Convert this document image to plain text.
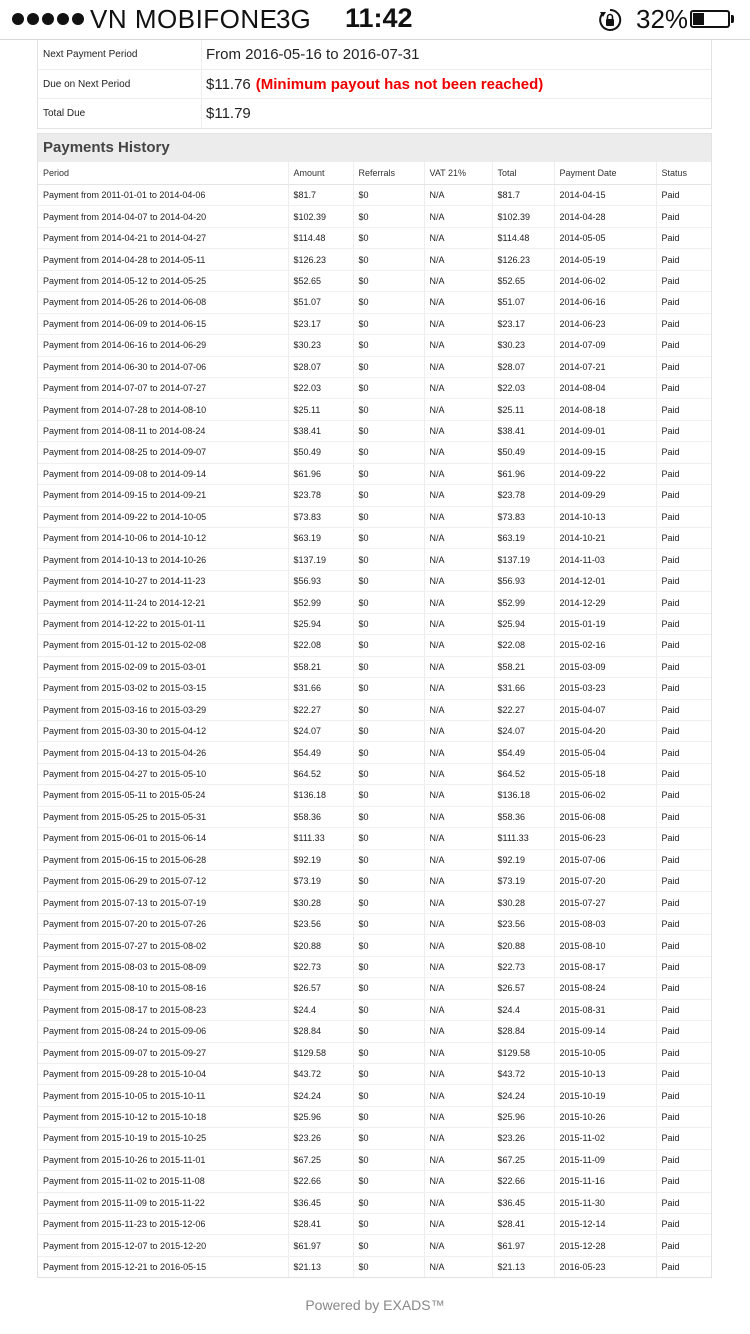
VN MOBIFONE
3G 11:42	32%
Next Payment Period	From 2016-05-16 to 2016-07-31
Due on Next Period	$11.76 (Minimum payout has not been reached)
Total Due	$11.79
Payments History
Period	Amount	Referrals	VAT 21%	Total	Payment Date	Status
Payment from 2011-01-01 to 2014-04-06	$81.7	$0	N/A	$81.7	2014-04-15	Paid
Payment from 2014-04-07 to 2014-04-20	$102.39	$0	N/A	$102.39	2014-04-28	Paid
Payment from 2014-04-21 to 2014-04-27	$114.48	$0	N/A	$114.48	2014-05-05	Paid
Payment from 2014-04-28 to 2014-05-11	$126.23	$0	N/A	$126.23	2014-05-19	Paid
Payment from 2014-05-12 to 2014-05-25	$52.65	$0	N/A	$52.65	2014-06-02	Paid
Payment from 2014-05-26 to 2014-06-08	$51.07	$0	N/A	$51.07	2014-06-16	Paid
Payment from 2014-06-09 to 2014-06-15	$23.17	$0	N/A	$23.17	2014-06-23	Paid
Payment from 2014-06-16 to 2014-06-29	$30.23	$0	N/A	$30.23	2014-07-09	Paid
Payment from 2014-06-30 to 2014-07-06	$28.07	$0	N/A	$28.07	2014-07-21	Paid
Payment from 2014-07-07 to 2014-07-27	$22.03	$0	N/A	$22.03	2014-08-04	Paid
Payment from 2014-07-28 to 2014-08-10	$25.11	$0	N/A	$25.11	2014-08-18	Paid
Payment from 2014-08-11 to 2014-08-24	$38.41	$0	N/A	$38.41	2014-09-01	Paid
Payment from 2014-08-25 to 2014-09-07	$50.49	$0	N/A	$50.49	2014-09-15	Paid
Payment from 2014-09-08 to 2014-09-14	$61.96	$0	N/A	$61.96	2014-09-22	Paid
Payment from 2014-09-15 to 2014-09-21	$23.78	$0	N/A	$23.78	2014-09-29	Paid
Payment from 2014-09-22 to 2014-10-05	$73.83	$0	N/A	$73.83	2014-10-13	Paid
Payment from 2014-10-06 to 2014-10-12	$63.19	$0	N/A	$63.19	2014-10-21	Paid
Payment from 2014-10-13 to 2014-10-26	$137.19	$0	N/A	$137.19	2014-11-03	Paid
Payment from 2014-10-27 to 2014-11-23	$56.93	$0	N/A	$56.93	2014-12-01	Paid
Payment from 2014-11-24 to 2014-12-21	$52.99	$0	N/A	$52.99	2014-12-29	Paid
Payment from 2014-12-22 to 2015-01-11	$25.94	$0	N/A	$25.94	2015-01-19	Paid
Payment from 2015-01-12 to 2015-02-08	$22.08	$0	N/A	$22.08	2015-02-16	Paid
Payment from 2015-02-09 to 2015-03-01	$58.21	$0	N/A	$58.21	2015-03-09	Paid
Payment from 2015-03-02 to 2015-03-15	$31.66	$0	N/A	$31.66	2015-03-23	Paid
Payment from 2015-03-16 to 2015-03-29	$22.27	$0	N/A	$22.27	2015-04-07	Paid
Payment from 2015-03-30 to 2015-04-12	$24.07	$0	N/A	$24.07	2015-04-20	Paid
Payment from 2015-04-13 to 2015-04-26	$54.49	$0	N/A	$54.49	2015-05-04	Paid
Payment from 2015-04-27 to 2015-05-10	$64.52	$0	N/A	$64.52	2015-05-18	Paid
Payment from 2015-05-11 to 2015-05-24	$136.18	$0	N/A	$136.18	2015-06-02	Paid
Payment from 2015-05-25 to 2015-05-31	$58.36	$0	N/A	$58.36	2015-06-08	Paid
Payment from 2015-06-01 to 2015-06-14	$111.33	$0	N/A	$111.33	2015-06-23	Paid
Payment from 2015-06-15 to 2015-06-28	$92.19	$0	N/A	$92.19	2015-07-06	Paid
Payment from 2015-06-29 to 2015-07-12	$73.19	$0	N/A	$73.19	2015-07-20	Paid
Payment from 2015-07-13 to 2015-07-19	$30.28	$0	N/A	$30.28	2015-07-27	Paid
Payment from 2015-07-20 to 2015-07-26	$23.56	$0	N/A	$23.56	2015-08-03	Paid
Payment from 2015-07-27 to 2015-08-02	$20.88	$0	N/A	$20.88	2015-08-10	Paid
Payment from 2015-08-03 to 2015-08-09	$22.73	$0	N/A	$22.73	2015-08-17	Paid
Payment from 2015-08-10 to 2015-08-16	$26.57	$0	N/A	$26.57	2015-08-24	Paid
Payment from 2015-08-17 to 2015-08-23	$24.4	$0	N/A	$24.4	2015-08-31	Paid
Payment from 2015-08-24 to 2015-09-06	$28.84	$0	N/A	$28.84	2015-09-14	Paid
Payment from 2015-09-07 to 2015-09-27	$129.58	$0	N/A	$129.58	2015-10-05	Paid
Payment from 2015-09-28 to 2015-10-04	$43.72	$0	N/A	$43.72	2015-10-13	Paid
Payment from 2015-10-05 to 2015-10-11	$24.24	$0	N/A	$24.24	2015-10-19	Paid
Payment from 2015-10-12 to 2015-10-18	$25.96	$0	N/A	$25.96	2015-10-26	Paid
Payment from 2015-10-19 to 2015-10-25	$23.26	$0	N/A	$23.26	2015-11-02	Paid
Payment from 2015-10-26 to 2015-11-01	$67.25	$0	N/A	$67.25	2015-11-09	Paid
Payment from 2015-11-02 to 2015-11-08	$22.66	$0	N/A	$22.66	2015-11-16	Paid
Payment from 2015-11-09 to 2015-11-22	$36.45	$0	N/A	$36.45	2015-11-30	Paid
Payment from 2015-11-23 to 2015-12-06	$28.41	$0	N/A	$28.41	2015-12-14	Paid
Payment from 2015-12-07 to 2015-12-20	$61.97	$0	N/A	$61.97	2015-12-28	Paid
Payment from 2015-12-21 to 2016-05-15	$21.13	$0	N/A	$21.13	2016-05-23	Paid
Powered by EXADS™
